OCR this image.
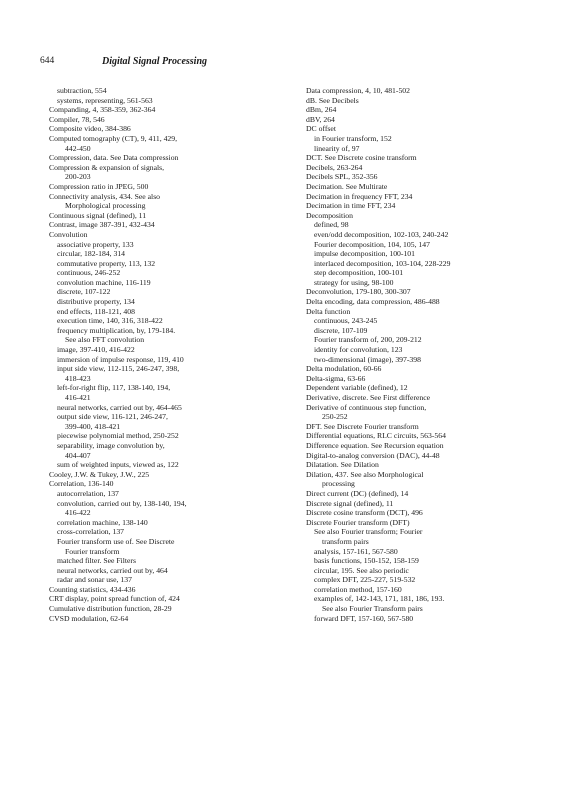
644	Digital Signal Processing
subtraction, 554
systems, representing, 561-563
Companding, 4, 358-359, 362-364
Compiler, 78, 546
Composite video, 384-386
Computed tomography (CT), 9, 411, 429,
442-450
Compression, data. See Data compression
Compression & expansion of signals,
200-203
Compression ratio in JPEG, 500
Connectivity analysis, 434. See also
Morphological processing
Continuous signal (defined), 11
Contrast, image 387-391, 432-434
Convolution
associative property, 133
circular, 182-184, 314
commutative property, 113, 132
continuous, 246-252
convolution machine, 116-119
discrete, 107-122
distributive property, 134
end effects, 118-121, 408
execution time, 140, 316, 318-422
frequency multiplication, by, 179-184.
See also FFT convolution
image, 397-410, 416-422
immersion of impulse response, 119, 410
input side view, 112-115, 246-247, 398,
418-423
left-for-right flip, 117, 138-140, 194,
416-421
neural networks, carried out by, 464-465
output side view, 116-121, 246-247,
399-400, 418-421
piecewise polynomial method, 250-252
separability, image convolution by,
404-407
sum of weighted inputs, viewed as, 122
Cooley, J.W. & Tukey, J.W., 225
Correlation, 136-140
autocorrelation, 137
convolution, carried out by, 138-140, 194,
416-422
correlation machine, 138-140
cross-correlation, 137
Fourier transform use of. See Discrete
Fourier transform
matched filter. See Filters
neural networks, carried out by, 464
radar and sonar use, 137
Counting statistics, 434-436
CRT display, point spread function of, 424
Cumulative distribution function, 28-29
CVSD modulation, 62-64
Data compression, 4, 10, 481-502
dB. See Decibels
dBm, 264
dBV, 264
DC offset
in Fourier transform, 152
linearity of, 97
DCT. See Discrete cosine transform
Decibels, 263-264
Decibels SPL, 352-356
Decimation. See Multirate
Decimation in frequency FFT, 234
Decimation in time FFT, 234
Decomposition
defined, 98
even/odd decomposition, 102-103, 240-242
Fourier decomposition, 104, 105, 147
impulse decomposition, 100-101
interlaced decomposition, 103-104, 228-229
step decomposition, 100-101
strategy for using, 98-100
Deconvolution, 179-180, 300-307
Delta encoding, data compression, 486-488
Delta function
continuous, 243-245
discrete, 107-109
Fourier transform of, 200, 209-212
identity for convolution, 123
two-dimensional (image), 397-398
Delta modulation, 60-66
Delta-sigma, 63-66
Dependent variable (defined), 12
Derivative, discrete. See First difference
Derivative of continuous step function,
250-252
DFT. See Discrete Fourier transform
Differential equations, RLC circuits, 563-564
Difference equation. See Recursion equation
Digital-to-analog conversion (DAC), 44-48
Dilatation. See Dilation
Dilation, 437. See also Morphological
processing
Direct current (DC) (defined), 14
Discrete signal (defined), 11
Discrete cosine transform (DCT), 496
Discrete Fourier transform (DFT)
See also Fourier transform; Fourier
transform pairs
analysis, 157-161, 567-580
basis functions, 150-152, 158-159
circular, 195. See also periodic
complex DFT, 225-227, 519-532
correlation method, 157-160
examples of, 142-143, 171, 181, 186, 193.
See also Fourier Transform pairs
forward DFT, 157-160, 567-580
